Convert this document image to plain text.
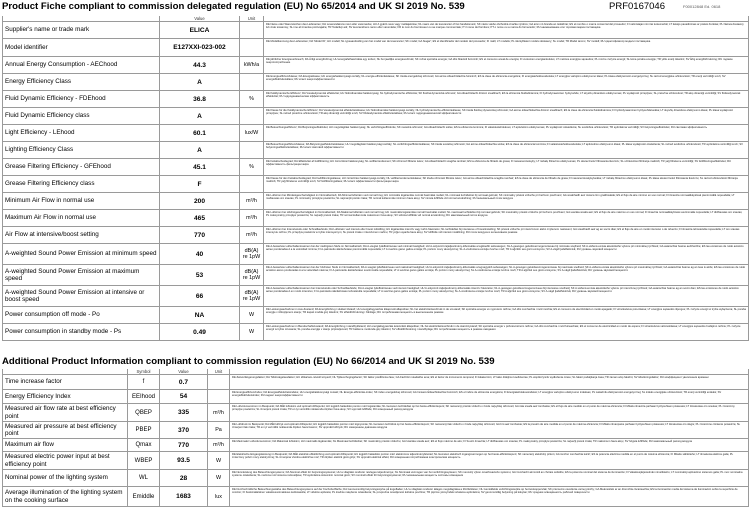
Product Fiche compliant to commission delegated regulation (EU) No 65/2014 and UK SI 2019 No. 539	PRF0167046	F00012848 Ed. 0618
	Value	Unit	
Supplier's name or trade mark	ELICA		DE Name oder Warenzeichen des Lieferanten; DA Leverandørens navn eller varemærke; HU A gyártó neve vagy márkajelzése; NL naam van de leverancier of het handelsmerk; SK názov alebo obchodná značka výrobcu; GA ainm nó branda an tsoláthraí; ES el nombre o marca comercial del proveedor; FI valmistajan nimi tai tuotemerkki; LT tiekėjo pavadinimas ar prekės ženklas; PL Nazwa dostawcy lub znak towarowy; SL ime ali znamka proizvajalca; TR Tedarikçi adı; SV leverantörens namn eller varumärke; FR le nom du fournisseur ou sa marque commerciale; IT il nome del fornitore; PT o nome ou a marca do fornecedor; RU наименование или торговая марка поставщика
Model identifier	E127XXI-023-002		DE Modellkennung des Lieferanten; DA 'Model ID'; HU modell; NL typeaanduiding van het model van de leverancier; SK model; GA 'Eagar'; ES el identificador del modelo del proveedor; FI malli; LT modelis; PL identyfikator modelu dostawcy; SL model; TR Model tanımı; SV modell; RU идентификатор модели поставщика
Annual Energy Consumption - AEChood	44.3	kWh/a	DE jährlicher Energieverbrauch; DA Årligt energiforbrug; HU energiafelhasználás egy évben; NL het jaarlijks energieverbruik; SK ročná spotreba energie; GA ídiú bliantúil fuinnimh; ES el consumo anual de energía; FI vuotuinen energiankulutus; LT metinės energijos sąnaudos; PL roczne zużycie energii; SL letna poraba energije; TR yıllık enerji tüketimi; SV årlig energiförbrukning; RU годовое энергопотребление
Energy Efficiency Class	A		DE Energieeffizienzklasse; DA Energieklasse; HU energiahatékonysági osztály; NL energie-efficiëntieklasse; SK trieda energetickej účinnosti; GA aicme éifeachtúlachta fuinnimh; ES la clase de eficiencia energética; FI energiatehokkuusluokka; LT energijos vartojimo efektyvumo klasė; PL klasa efektywności energetycznej; SL razred energijske učinkovitosti; TR enerji verimliliği sınıfı; SV energieffektivitetsklass; RU класс энергоэффективности
Fluid Dynamic Efficiency - FDEhood	36.8	%	DE fluiddynamische Effizienz; DA Væskedynamisk effektivitet; HU hidrodinamikai hatékonyság; NL hydrodynamische efficiëntie; SK fluidná dynamická účinnosť; GA éifeachtúlacht dinimic sreabhach; ES la eficiencia fluidodinámica; FI hydrodynaaminen hyötysuhde; LT skysčių dinamikos efektyvumas; PL wydajność przepływu; SL pretočna učinkovitost; TR akış dinamiği verimliliği; SV flödesdynamisk effektivitet; RU гидродинамическая эффективность
Fluid Dynamic Efficiency class	A		DE Klasse für die fluiddynamische Effizienz; DA Væskedynamisk effektivitetsklasse; HU hidrodinamikai hatékonysági osztály; NL hydrodynamische-efficiëntieklasse; SK trieda fluidnej dynamickej účinnosti; GA aicme éifeachtúlachta dinimic sreabhach; ES la clase de eficiencia fluidodinámica; FI hydrodynaaminen hyötysuhdeluokka; LT skysčių dinamikos efektyvumo klasė; PL klasa wydajności przepływu; SL razred pretočne učinkovitosti; TR akış dinamiği verimliliği sınıfı; SV flödesdynamisk effektivitetsklass; RU класс гидродинамической эффективности
Light Efficiency - LEhood	60.1	lux/W	DE Beleuchtungseffizienz; DA Belysningseffektivitet; HU megvilágítási hatékonyság; NL verlichtingsefficiëntie; SK svetelná účinnosť; GA éifeachtúlacht soilse; ES la eficiencia lumínica; FI valaistustehokkuus; LT apšvietimo efektyvumas; PL wydajność oświetlenia; SL svetlobna učinkovitost; TR aydınlatma verimliliği; SV belysningseffektivitet; RU световая эффективность
Lighting Efficiency Class	A		DE Beleuchtungseffizienzklasse; DA Belysningseffektivitetsklasse; HU megvilágítási hatékonysági osztály; NL verlichtingsefficiëntieklasse; SK trieda svetelnej účinnosti; GA aicme éifeachtúlachta soilse; ES la clase de eficiencia lumínica; FI valaistustehokkuusluokka; LT apšvietimo efektyvumo klasė; PL klasa wydajności oświetlenia; SL razred svetlobne učinkovitosti; TR aydınlatma verimliliği sınıfı; SV belysningseffektivitetsklass; RU класс световой эффективности
Grease Filtering Efficiency - GFEhood	45.1	%	DE Fettabscheidegrad; DA Effektivitet af fedtfiltrering; HU zsírszűrési hatékonyság; NL vetfilterrendement; SK účinnosť filtrácie tukov; GA éifeachtúlacht scagtha ramhair; ES la eficiencia de filtrado de grasa; FI rasvanerotuskyky; LT riebalų filtravimo efektyvumas; PL skuteczność filtrowania tłuszczu; SL učinkovitost filtriranja maščob; TR yağ filtreleme verimliliği; SV fettfiltreringseffektivitet; RU эффективность фильтрации жира
Grease Filtering Efficiency class	F		DE Klasse für den Fettabscheidegrad; DA Fedtfiltreringsklasse; HU zsírszűrési hatékonysági osztály; NL vetfilterrendementsklasse; SK trieda účinnosti filtrácie tukov; GA aicme éifeachtúlachta scagtha ramhair; ES la clase de eficiencia de filtrado de grasa; FI rasvanerotuskykyluokka; LT riebalų filtravimo efektyvumo klasė; PL klasa skuteczności filtrowania tłuszczu; SL razred učinkovitosti filtriranja maščob; TR yağ filtreleme verimliliği sınıfı; SV fettfiltreringsklass; RU класс эффективности фильтрации жира
Minimum Air Flow in normal use	200	m³/h	DE Luftstrom bei Mindestgeschwindigkeit im Normalbetrieb; DA Minimal luftstrøm ved normal brug; HU minimális légáramlás normál használat mellett; NL minimaal luchtdebiet bij normaal gebruik; SK minimálny prietok vzduchu pri bežnom používaní; GA sreabhadh aeir íosta le linn gnáthúsáide; ES el flujo de aire mínimo en uso normal; FI ilmavirta normaalikäytössä pienimmällä nopeudella; LT mažiausias oro srautas; PL minimalny przepływ powietrza; SL najmanjši pretok zraka; TR normal kullanımda minimum hava akışı; SV minsta luftflöde vid normal användning; RU минимальный поток воздуха
Maximum Air Flow in normal use	465	m³/h	DE Luftstrom bei Höchstgeschwindigkeit im Normalbetrieb; DA Maksimal luftstrøm ved normal brug; HU maximális légáramlás normál használat mellett; NL maximaal luchtdebiet bij normaal gebruik; SK maximálny prietok vzduchu pri bežnom používaní; GA uasráta sreafa aeir; ES el flujo de aire máximo en uso normal; FI ilmavirta normaalikäytössä suurimmalla nopeudella; LT didžiausias oro srautas; PL maksymalny przepływ powietrza; SL največji pretok zraka; TR normal kullanımda maksimum hava akışı; SV största luftflöde vid normal användning; RU максимальный поток воздуха
Air Flow at intensive/boost setting	770	m³/h	DE Luftstrom bei Intensivstufe oder Schnelllaufstufe; DA Luftstrøm ved intensiv eller boost indstilling; HU légáramlás intenzív vagy turbó fokozaton; NL luchtdebiet bij intensieve of boostinstelling; SK prietok vzduchu pri intenzívnom alebo zvýšenom nastavení; GA sreabhadh aeir ag an socrú dian; ES el flujo de aire en modo intensivo o de refuerzo; FI ilmavirta tehostetulla nopeudella; LT oro srautas intensyviu režimu; PL przepływ powietrza w trybie intensywnym; SL pretok zraka v intenzivnem načinu; TR yoğun ayarda hava akışı; SV luftflöde vid intensiv inställning; RU поток воздуха в интенсивном режиме
A-weighted Sound Power Emission at minimum speed	40	dB(A) re 1pW	DE A-bewertete Luftschallemissionen bei der niedrigsten Stufe im Normalbetrieb; DA A-vægtet lydeffektniveau ved minimal hastighed; HU A-súlyozott zajteljesítmény-kibocsátás a legkisebb sebességen; NL A-gewogen geluidsvermogensniveau bij minimale snelheid; SK A-vážená emisia akustického výkonu pri minimálnej rýchlosti; GA astaíochtaí fuaime aerbheirthe; ES las emisiones de ruido acústico aéreo ponderadas A a la velocidad mínima; FI A-painotettu äänitehotaso pienimmällä nopeudella; LT A svertinė garso galios emisija; PL poziom mocy akustycznej; SL A-vrednotena emisija zvočne moči; TR A ağırlıklı ses gücü emisyonu; SV A-vägd ljudeffektnivå; RU уровень звуковой мощности
A-weighted Sound Power Emission at maximum speed	53	dB(A) re 1pW	DE A-bewertete Luftschallemissionen bei der höchsten Stufe im Normalbetrieb; DA A-vægtet lydeffektniveau ved maksimal hastighed; HU A-súlyozott zajteljesítmény-kibocsátás a legnagyobb sebességen; NL A-gewogen geluidsvermogensniveau bij maximale snelheid; SK A-vážená emisia akustického výkonu pri maximálnej rýchlosti; GA astaíochtaí fuaime ag an luas is airde; ES las emisiones de ruido acústico aéreo ponderadas A a la velocidad máxima; FI A-painotettu äänitehotaso suurimmalla nopeudella; LT A svertinė garso galios emisija; PL poziom mocy akustycznej; SL A-vrednotena emisija zvočne moči; TR A ağırlıklı ses gücü emisyonu; SV A-vägd ljudeffektnivå; RU уровень звуковой мощности
A-weighted Sound Power Emission at intensive or boost speed	66	dB(A) re 1pW	DE A-bewertete Luftschallemissionen bei Intensivstufe oder Schnelllaufstufe; DA A-vægtet lydeffektniveau ved intensiv hastighed; HU A-súlyozott zajteljesítmény-kibocsátás intenzív fokozaton; NL A-gewogen geluidsvermogensniveau bij intensieve snelheid; SK A-vážená emisia akustického výkonu pri intenzívnej rýchlosti; GA astaíochtaí fuaime ag an socrú dian; ES las emisiones de ruido acústico aéreo ponderadas A en modo intensivo; FI A-painotettu äänitehotaso tehostetulla nopeudella; LT A svertinė garso galios emisija; PL poziom mocy akustycznej; SL A-vrednotena emisija zvočne moči; TR A ağırlıklı ses gücü emisyonu; SV A-vägd ljudeffektnivå; RU уровень звуковой мощности
Power consumption off mode - Po	NA	W	DE Leistungsaufnahme im Aus-Zustand; DA Energiforbrug i slukket tilstand; HU energiafogyasztás kikapcsolt állapotban; NL het elektriciteitsverbruik in de uit-stand; SK spotreba energie vo vypnutom režime; GA ídiú cumhachta i mód múchta; ES el consumo de electricidad en modo apagado; FI virrankulutus pois-tilassa; LT energijos sąnaudos išjungus; PL zużycie energii w trybie wyłączenia; SL poraba energije v izklopljenem stanju; TR kapalı modda güç tüketimi; SV effektförbrukning i frånläge; RU потребляемая мощность в выключенном режиме
Power consumption in standby mode - Ps	0.49	W	DE Leistungsaufnahme im Bereitschaftszustand; DA Energiforbrug i standbytilstand; HU energiafogyasztás készenléti állapotban; NL het elektriciteitsverbruik in de stand-bystand; SK spotreba energie v pohotovostnom režime; GA ídiú cumhachta i mód fuireachais; ES el consumo de electricidad en modo de espera; FI virrankulutus valmiustilassa; LT energijos sąnaudos budėjimo režimu; PL zużycie energii w trybie czuwania; SL poraba energije v stanju pripravljenosti; TR bekleme modunda güç tüketimi; SV effektförbrukning i standbyläge; RU потребляемая мощность в режиме ожидания
Additional Product Information compliant to commission regulation (EU) No 66/2014 and UK SI 2019 No. 539
	Symbol	Value	Unit	
Time increase factor	f	0.7		DE Zeitverlängerungsfaktor; DA Tidsforøgelsesfaktor; HU időtartam-növelő tényező; NL Tijdsverhogingsfactor; SK faktor predĺženia času; GA Fachtóir méadaithe ama; ES el factor de incremento temporal; FI Aikakerroin; LT laiko didėjimo koeficientas; PL współczynnik wydłużenia czasu; SL faktor podaljšanja časa; TR zaman artış faktörü; SV tidsökningsfaktor; RU коэффициент увеличения времени
Energy Efficiency Index	EEIhood	54		DE Energieeffizienzindex; DA Energieeffektivitetsindeks; HU energiahatékonysági mutató; NL Energie-efficiëntie-index; SK index energetickej účinnosti; GA Innéacs Éifeachtúlachta Fuinnimh; ES el índice de eficiencia energética; FI Energiatehokkuusindeksi; LT energijos vartojimo efektyvumo indeksas; PL wskaźnik efektywności energetycznej; SL indeks energijske učinkovitosti; TR enerji verimliliği endeksi; SV energieffektivitetsindex; RU индекс энергоэффективности
Measured air flow rate at best efficiency point	QBEP	335	m³/h	DE Luftvolumenstrom im Bestpunkt; DA Målt luftstrøm ved optimalt driftspunkt; HU legjobb hatásfokú ponton mért légáramlás; NL Gemeten luchtdebiet op het beste-efficiëntiepunt; SK nameraný prietok vzduchu v bode najvyššej účinnosti; GA ráta sreafa aeir tomhaiste; ES el flujo de aire medido en el punto de máxima eficiencia; FI Mitattu ilmavirta parhaan hyötysuhteen pisteessä; LT išmatuotas oro srautas; PL zmierzony przepływ powietrza; SL izmerjeni pretok zraka; TR en iyi verimlilik noktasında ölçülen hava akışı; SV uppmätt luftflöde; RU измеренный расход воздуха
Measured air pressure at best efficiency point	PBEP	370	Pa	DE Luftdruck im Bestpunkt; DA Målt lufttryk ved optimalt driftspunkt; HU legjobb hatásfokú ponton mért légnyomás; NL Gemeten luchtdruk op het beste-efficiëntiepunt; SK nameraný tlak vzduchu v bode najvyššej účinnosti; GA brú aeir tomhaiste; ES la presión de aire medida en el punto de máxima eficiencia; FI Mitattu ilmanpaine parhaan hyötysuhteen pisteessä; LT išmatuotas oro slėgis; PL zmierzone ciśnienie powietrza; SL izmerjeni tlak zraka; TR en iyi verimlilik noktasında ölçülen hava basıncı; SV uppmätt lufttryck; RU измеренное давление воздуха
Maximum air flow	Qmax	770	m³/h	DE Maximaler Luftvolumenstrom; DA Maksimal luftstrøm; HU maximális légáramlás; NL Maximaal luchtdebiet; SK maximálny prietok vzduchu; GA Uasráta sreafa aeir; ES el flujo máximo de aire; FI Suurin ilmavirta; LT didžiausias oro srautas; PL maksymalny przepływ powietrza; SL največji pretok zraka; TR maksimum hava akışı; SV högsta luftflöde; RU максимальный расход воздуха
Measured electric power input at best efficiency point	WBEP	93.5	W	DE Elektrische Eingangsleistung im Bestpunkt; DA Målt elektrisk effektforbrug ved optimalt driftspunkt; HU legjobb hatásfokú ponton mért elektromos teljesítményfelvétel; NL Gemeten elektrisch ingangsvermogen op het beste-efficiëntiepunt; SK nameraný elektrický príkon; GA ionchur cumhachta leictrí; ES la potencia eléctrica medida en el punto de máxima eficiencia; FI Mitattu sähköteho; LT išmatuota elektros galia; PL zmierzony pobór mocy elektrycznej; SL izmerjena vhodna električna moč; TR ölçülen elektrik gücü girişi; SV uppmätt elektrisk effekt; RU измеренная потребляемая электрическая мощность
Nominal power of the lighting system	WL	28	W	DE Nennleistung des Beleuchtungssystems; DA Nominel effekt for belysningssystemet; HU a világítási rendszer névleges teljesítménye; NL Nominaal vermogen van het verlichtingssysteem; SK menovitý výkon osvetľovacieho systému; GA Cumhacht ainmniúil an chórais soilsithe; ES la potencia nominal del sistema de iluminación; FI Valaistusjärjestelmän nimellisteho; LT nominalioji apšvietimo sistemos galia; PL moc nominalna systemu oświetlenia; SL nazivna moč sistema razsvetljave; TR aydınlatma sisteminin nominal gücü; SV nominell effekt för belysningssystemet; RU номинальная мощность системы освещения
Average illumination of the lighting system on the cooking surface	Emiddle	1683	lux	DE Durchschnittliche Beleuchtungsstärke des Beleuchtungssystems auf der Kochoberfläche; DA Gennemsnitlig belysningsstyrke på kogefladen; HU a világítási rendszer átlagos megvilágítása a főzőfelületen; NL Gemiddelde verlichtingssterkte op het kookoppervlak; SK priemerné osvetlenie varnej plochy; GA Meánsoilsiú ar an dromchla cócaireachta; ES la iluminación media del sistema de iluminación sobre la superficie de cocción; FI Keskimääräinen valaistusvoimakkuus keittotasolla; LT vidutinė apšvieta; PL średnie natężenie oświetlenia; SL povprečna osvetljenost kuhalne površine; TR pişirme yüzeyindeki ortalama aydınlatma; SV genomsnittlig belysning på kokytan; RU средняя освещённость рабочей поверхности
